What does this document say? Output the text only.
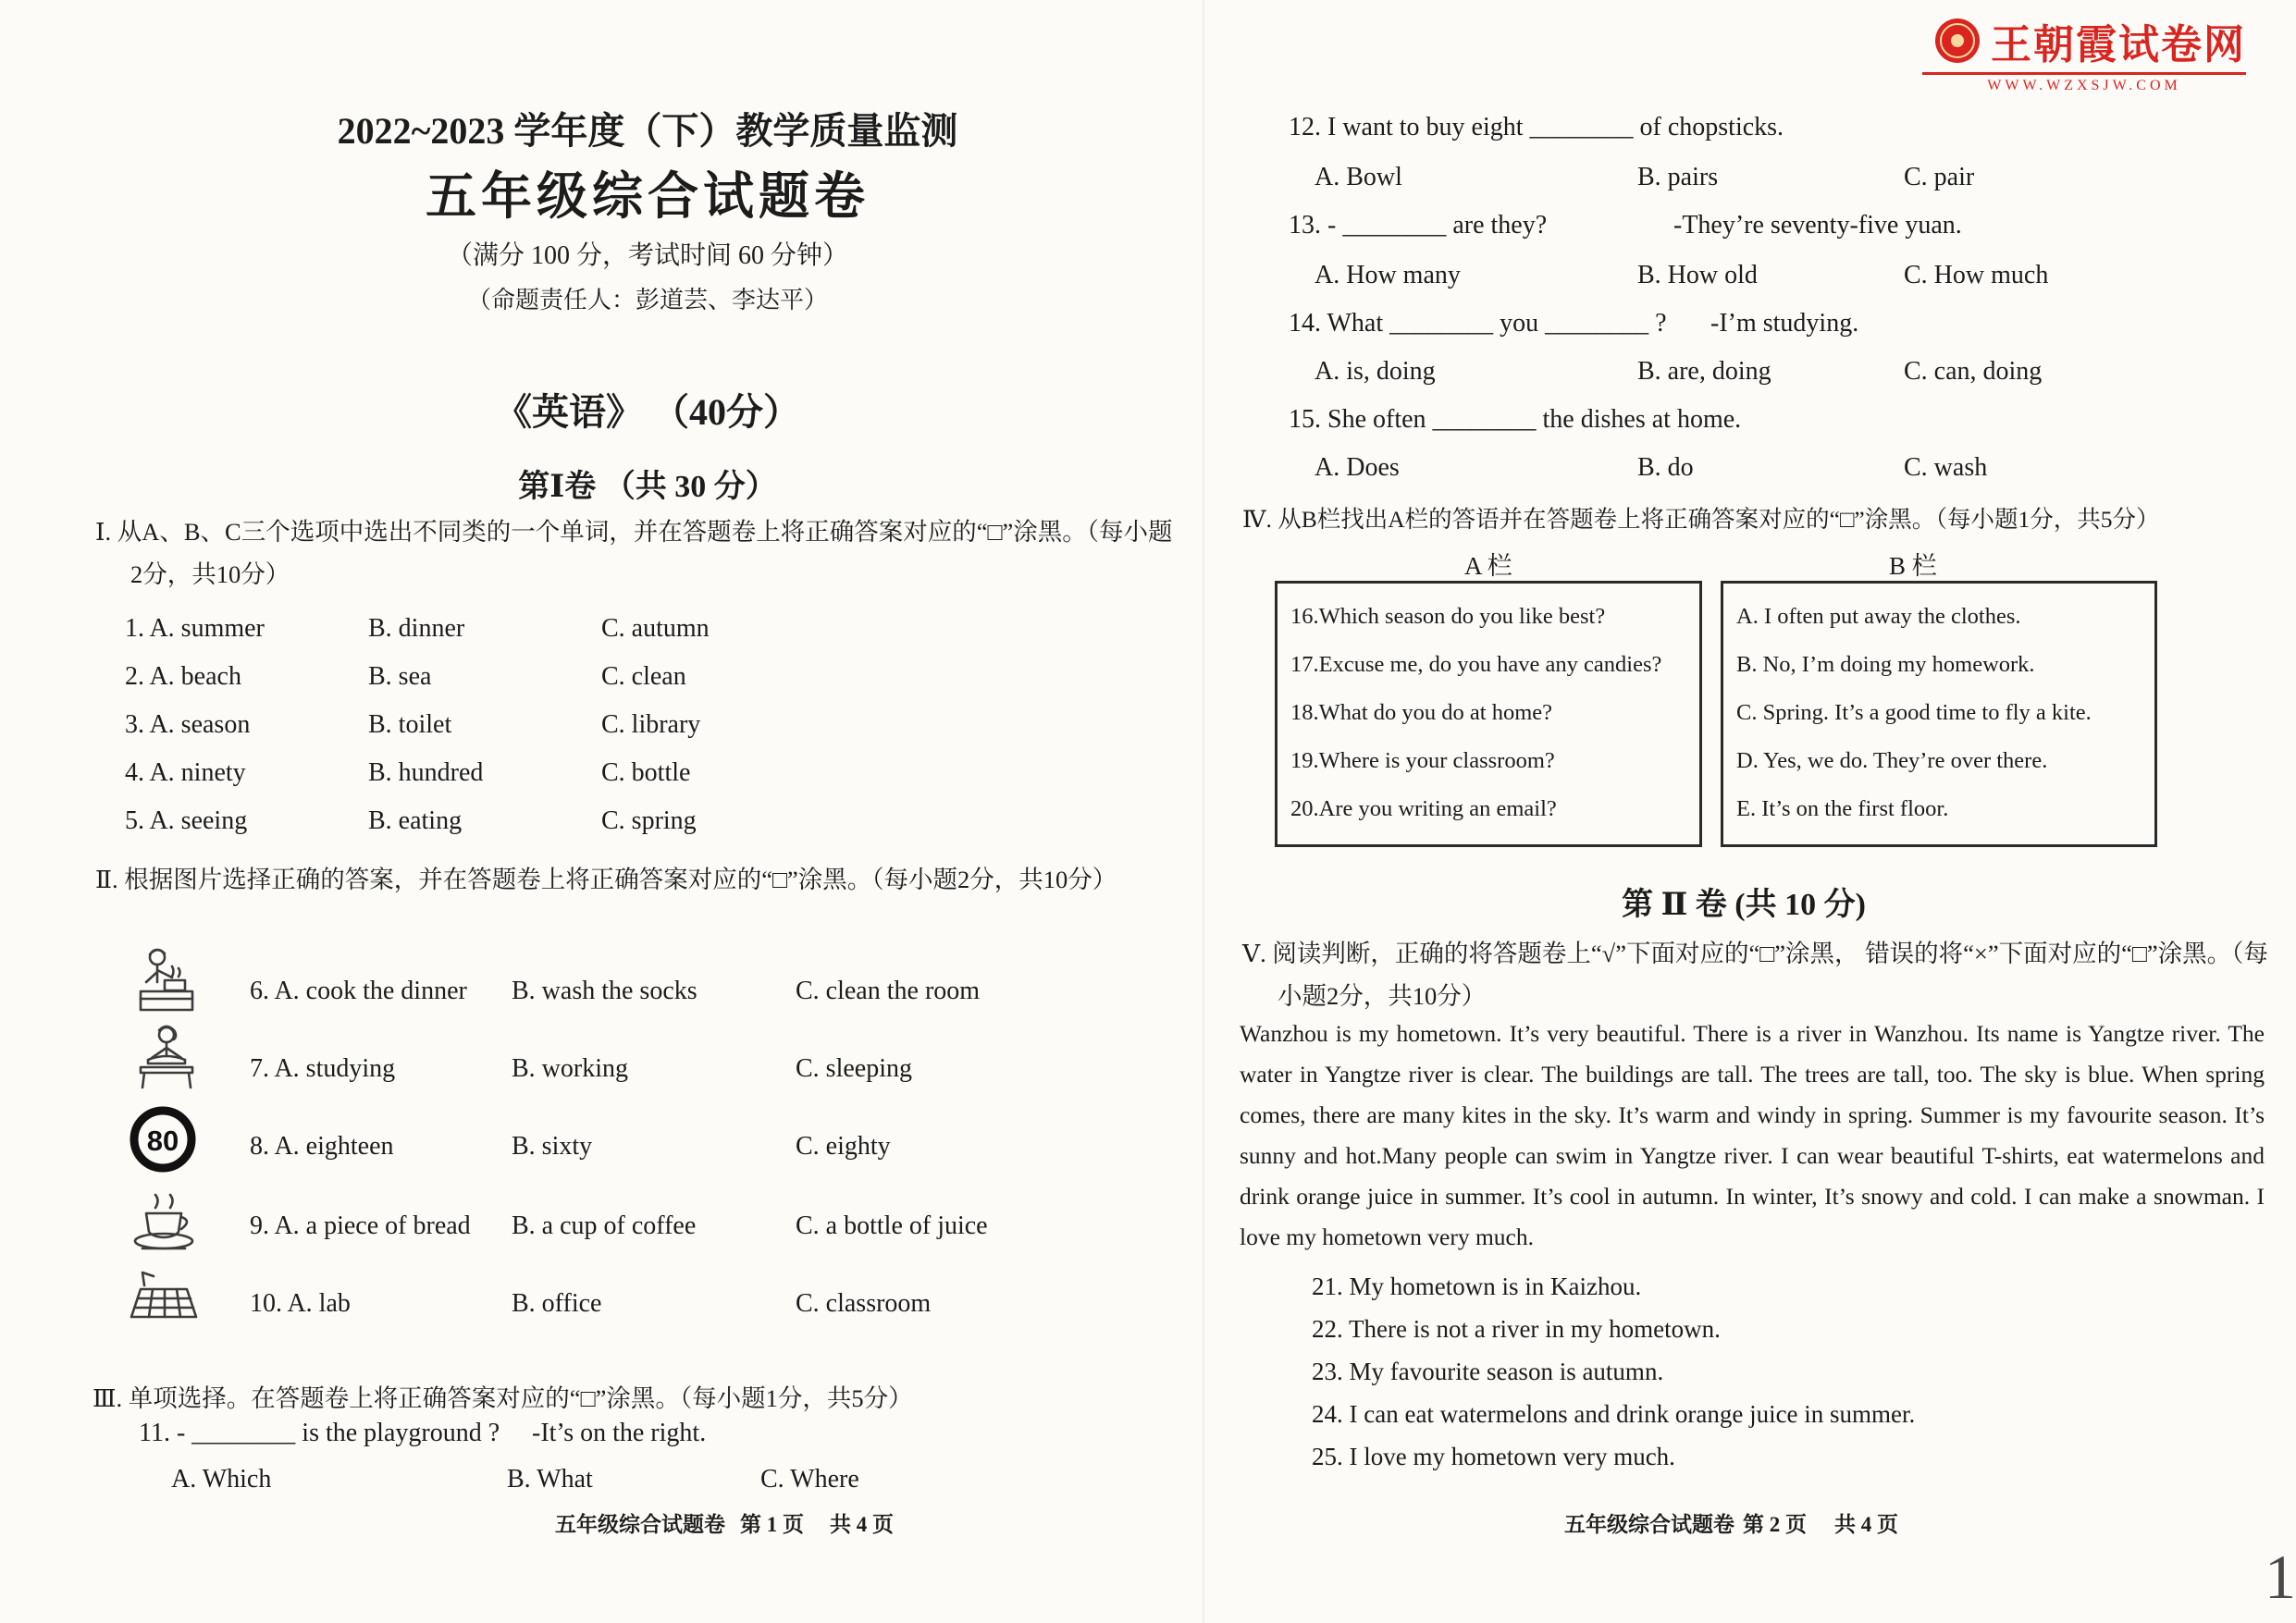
王朝霞试卷网
WWW.WZXSJW.COM
2022~2023 学年度（下）教学质量监测
五年级综合试题卷
（满分 100 分，考试时间 60 分钟）
（命题责任人：彭道芸、李达平）
《英语》 （40分）
第Ⅰ卷 （共 30 分）
Ⅰ. 从A、B、C三个选项中选出不同类的一个单词，并在答题卷上将正确答案对应的“□”涂黑。（每小题2分，共10分）
1. A. summer	B. dinner	C. autumn
2. A. beach	B. sea	C. clean
3. A. season	B. toilet	C. library
4. A. ninety	B. hundred	C. bottle
5. A. seeing	B. eating	C. spring
Ⅱ. 根据图片选择正确的答案，并在答题卷上将正确答案对应的“□”涂黑。（每小题2分，共10分）
6. A. cook the dinner B. wash the socks	C. clean the room
7. A. studying	B. working	C. sleeping
80	8. A. eighteen	B. sixty	C. eighty
9. A. a piece of bread B. a cup of coffee	C. a bottle of juice
10. A. lab	B. office	C. classroom
Ⅲ. 单项选择。在答题卷上将正确答案对应的“□”涂黑。（每小题1分，共5分）
11. - ________ is the playground ? -It’s on the right.
A. Which	B. What	C. Where
五年级综合试题卷 第 1 页 共 4 页
12. I want to buy eight ________ of chopsticks.
A. Bowl	B. pairs	C. pair
13. - ________ are they?	-They’re seventy-five yuan.
A. How many	B. How old	C. How much
14. What ________ you ________ ? -I’m studying.
A. is, doing	B. are, doing	C. can, doing
15. She often ________ the dishes at home.
A. Does	B. do	C. wash
Ⅳ. 从B栏找出A栏的答语并在答题卷上将正确答案对应的“□”涂黑。（每小题1分，共5分）
A 栏	B 栏
16.Which season do you like best?
17.Excuse me, do you have any candies?
18.What do you do at home?
19.Where is your classroom?
20.Are you writing an email?
A. I often put away the clothes.
B. No, I’m doing my homework.
C. Spring. It’s a good time to fly a kite.
D. Yes, we do. They’re over there.
E. It’s on the first floor.
第 Ⅱ 卷 (共 10 分)
Ⅴ. 阅读判断，正确的将答题卷上“√”下面对应的“□”涂黑， 错误的将“×”下面对应的“□”涂黑。（每小题2分，共10分）

Wanzhou is my hometown. It’s very beautiful. There is a river in Wanzhou. Its name is Yangtze river. The water in Yangtze river is clear. The buildings are tall. The trees are tall, too. The sky is blue. When spring comes, there are many kites in the sky. It’s warm and windy in spring. Summer is my favourite season. It’s sunny and hot.Many people can swim in Yangtze river. I can wear beautiful T-shirts, eat watermelons and drink orange juice in summer. It’s cool in autumn. In winter, It’s snowy and cold. I can make a snowman. I love my hometown very much.

21. My hometown is in Kaizhou.
22. There is not a river in my hometown.
23. My favourite season is autumn.
24. I can eat watermelons and drink orange juice in summer.
25. I love my hometown very much.
五年级综合试题卷 第 2 页 共 4 页
1
